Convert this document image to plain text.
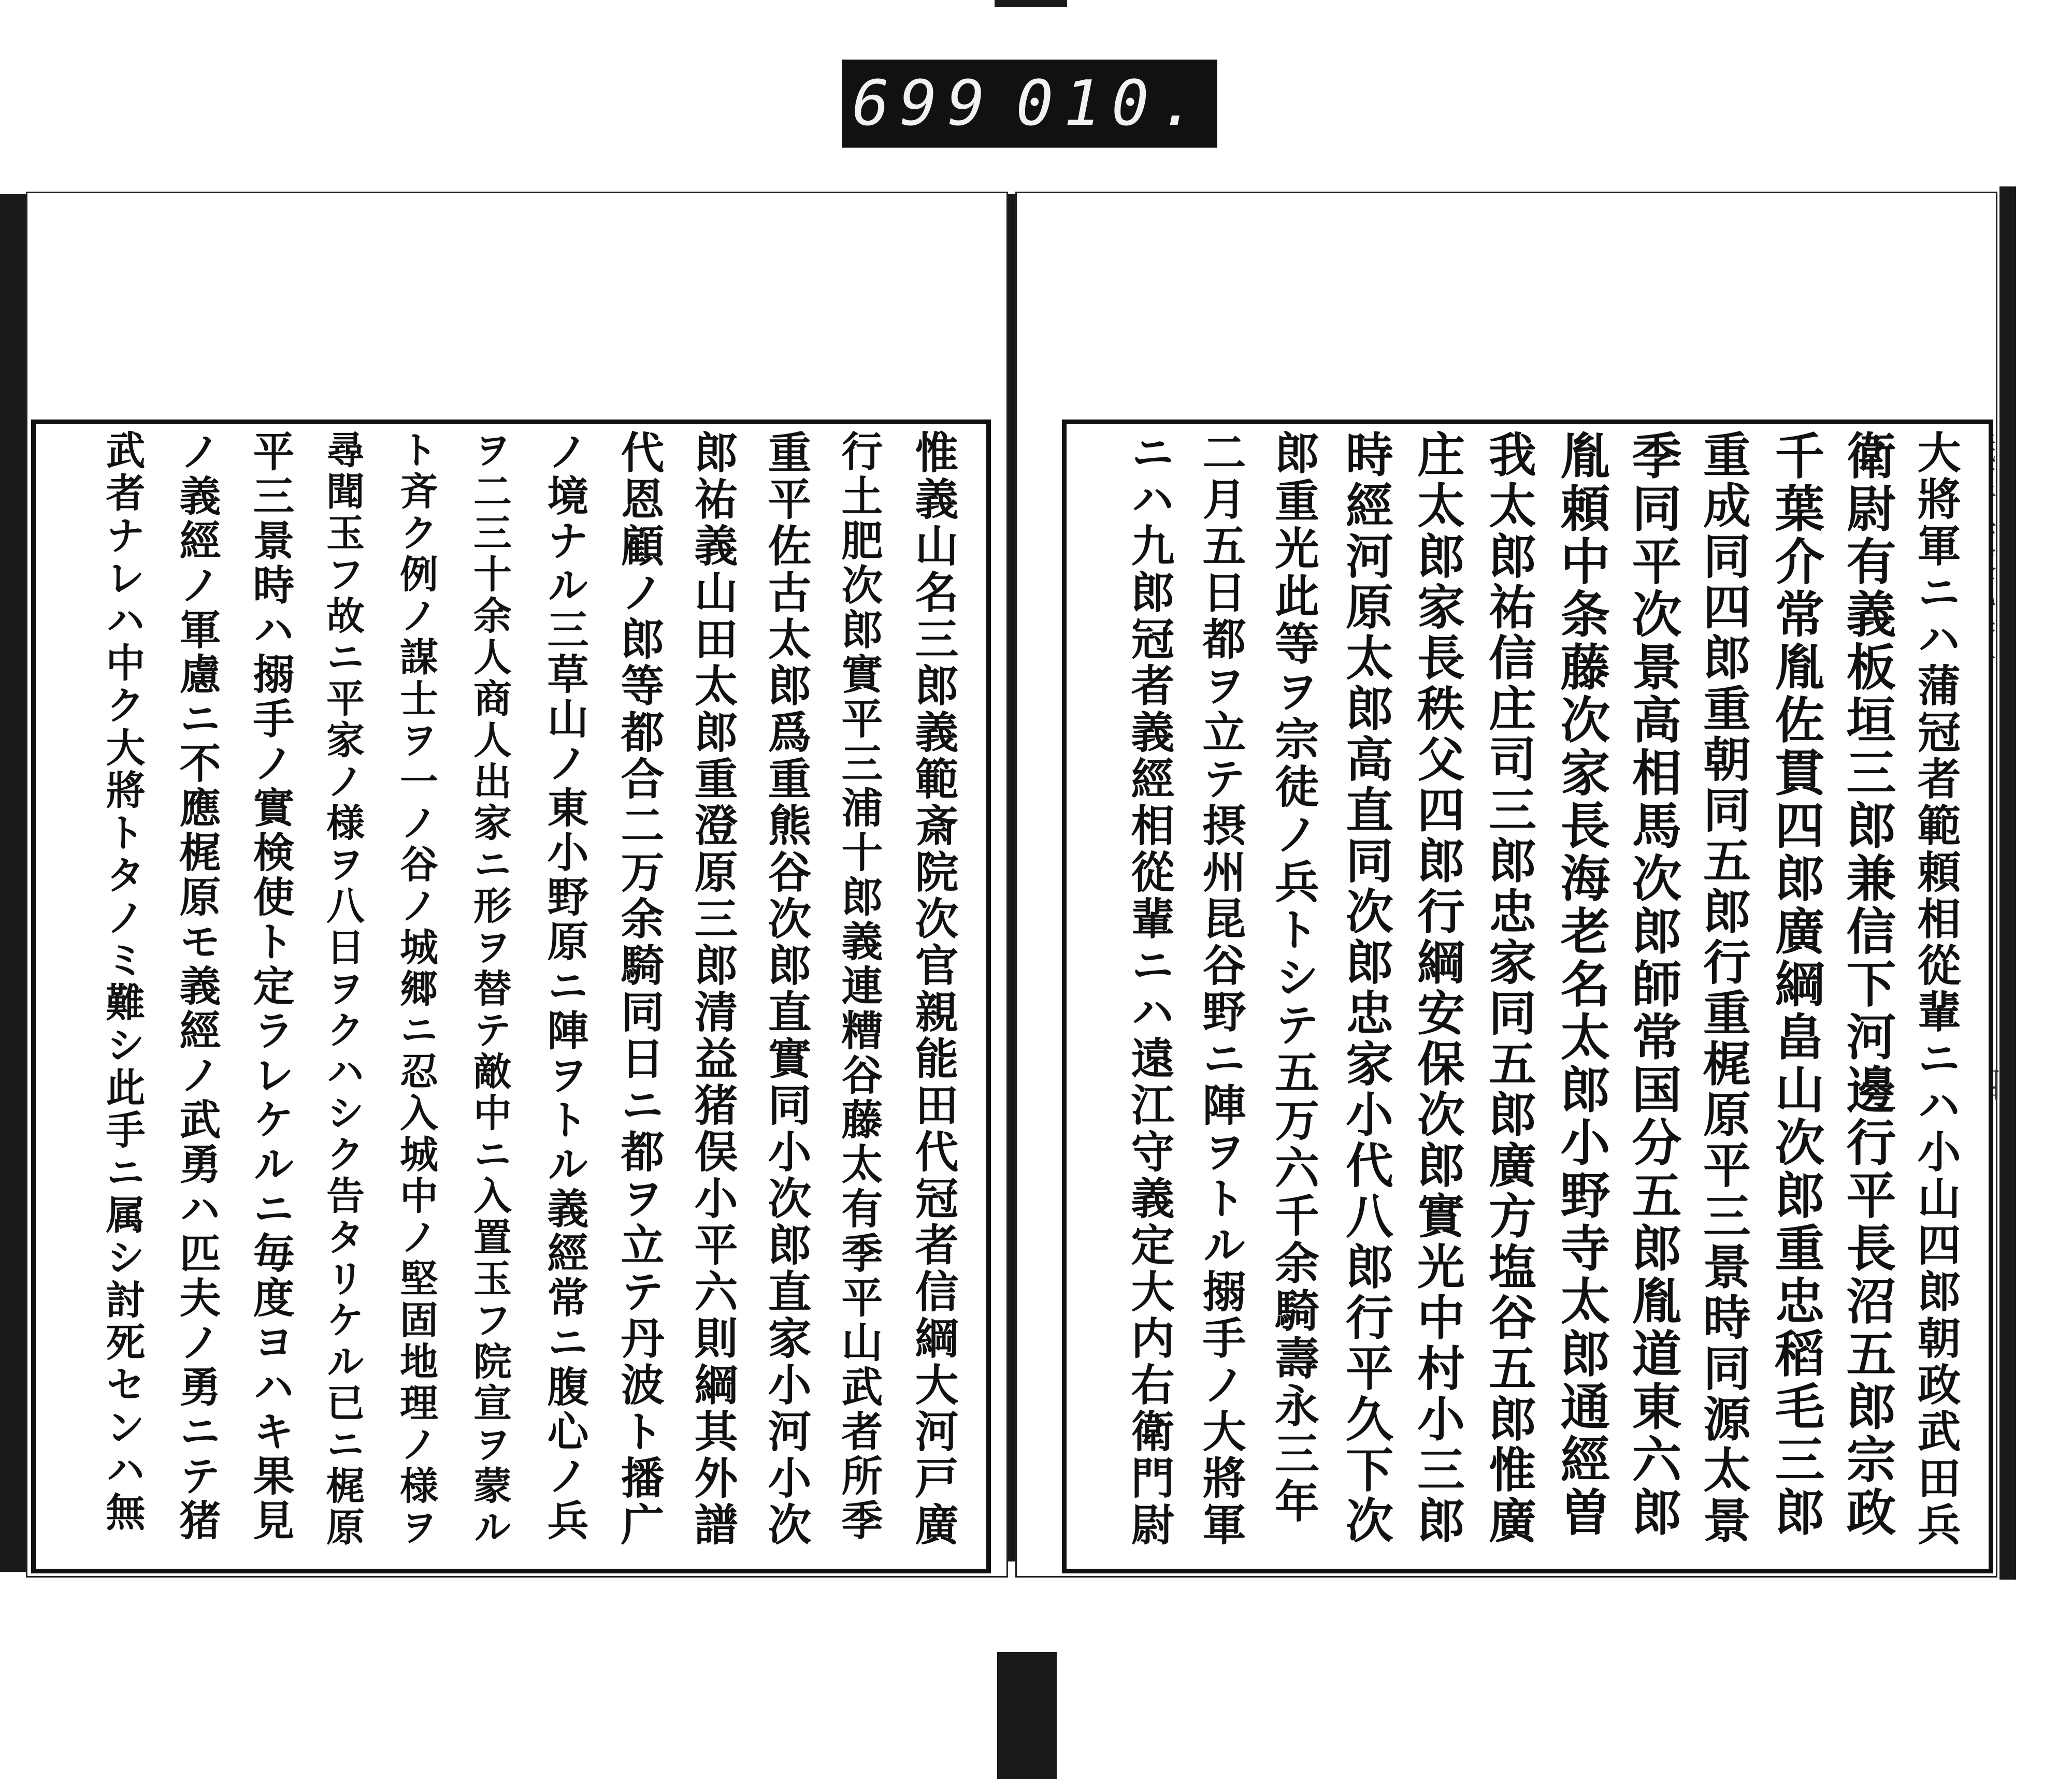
699 010.
大將軍ニハ蒲冠者範頼相從輩ニハ小山四郎朝政武田兵
衛尉有義板垣三郎兼信下河邊行平長沼五郎宗政
千葉介常胤佐貫四郎廣綱畠山次郎重忠稻毛三郎
重成同四郎重朝同五郎行重梶原平三景時同源太景
季同平次景高相馬次郎師常国分五郎胤道東六郎
胤頼中条藤次家長海老名太郎小野寺太郎通經曽
我太郎祐信庄司三郎忠家同五郎廣方塩谷五郎惟廣
庄太郎家長秩父四郎行綱安保次郎實光中村小三郎
時經河原太郎高直同次郎忠家小代八郎行平久下次
郎重光此等ヲ宗徒ノ兵トシテ五万六千余騎壽永三年
二月五日都ヲ立テ摂州昆谷野ニ陣ヲトル搦手ノ大將軍
ニハ九郎冠者義經相從輩ニハ遠江守義定大内右衛門尉
惟義山名三郎義範斎院次官親能田代冠者信綱大河戸廣
行土肥次郎實平三浦十郎義連糟谷藤太有季平山武者所季
重平佐古太郎爲重熊谷次郎直實同小次郎直家小河小次
郎祐義山田太郎重澄原三郎清益猪俣小平六則綱其外譜
代恩顧ノ郎等都合二万余騎同日ニ都ヲ立テ丹波ト播广
ノ境ナル三草山ノ東小野原ニ陣ヲトル義經常ニ腹心ノ兵
ヲ二三十余人商人出家ニ形ヲ替テ敵中ニ入置玉フ院宣ヲ蒙ル
ト斉ク例ノ謀士ヲ一ノ谷ノ城郷ニ忍入城中ノ堅固地理ノ様ヲ
尋聞玉フ故ニ平家ノ様ヲ八日ヲクハシク告タリケル已ニ梶原
平三景時ハ搦手ノ實検使ト定ラレケルニ毎度ヨハキ果見
ノ義經ノ軍慮ニ不應梶原モ義經ノ武勇ハ匹夫ノ勇ニテ猪
武者ナレハ中ク大將トタノミ難シ此手ニ属シ討死センハ無
